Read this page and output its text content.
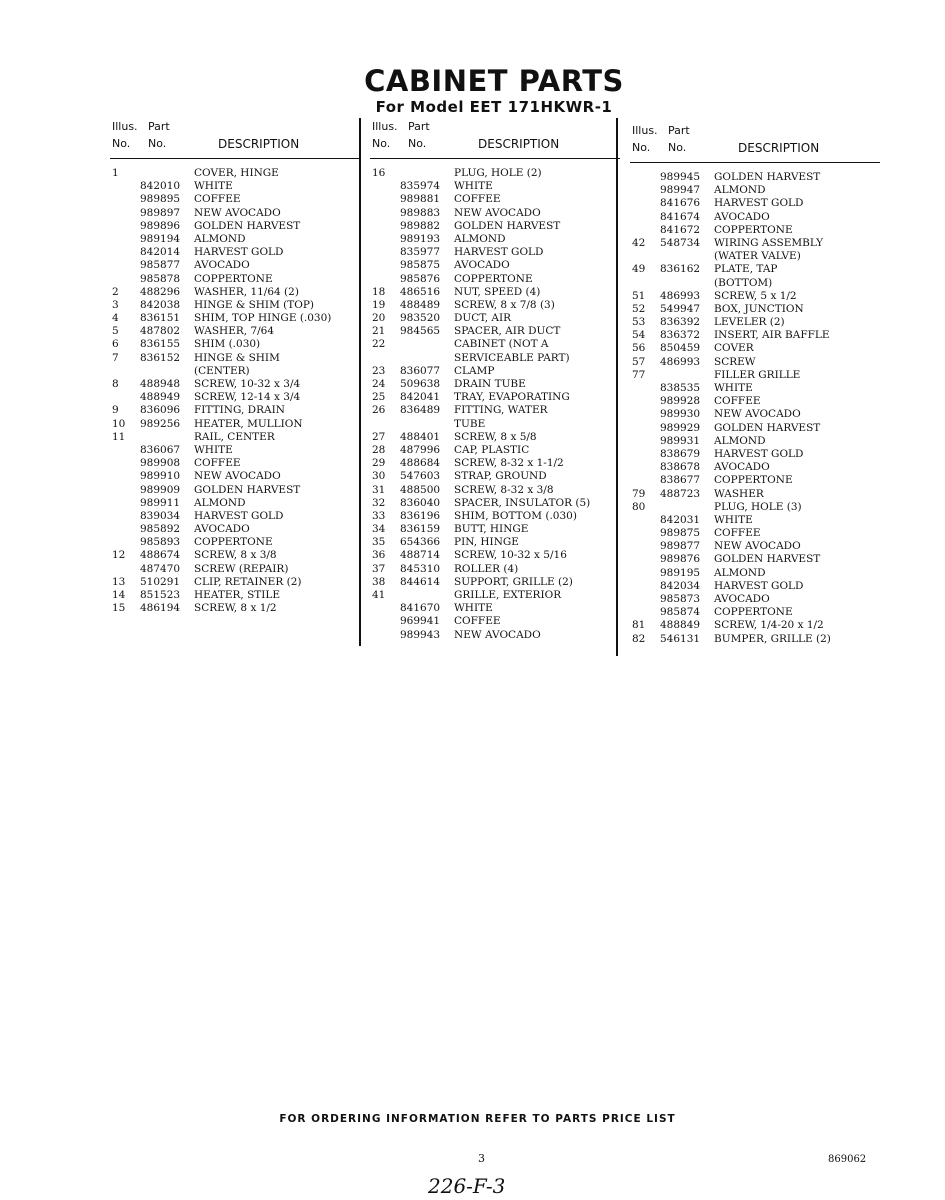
CABINET PARTS
For Model EET 171HKWR-1
Illus. Part
No. No.	DESCRIPTION
1	COVER, HINGE
842010 WHITE
989895 COFFEE
989897 NEW AVOCADO
989896 GOLDEN HARVEST
989194 ALMOND
842014 HARVEST GOLD
985877 AVOCADO
985878 COPPERTONE
2 488296 WASHER, 11/64 (2)
3 842038 HINGE & SHIM (TOP)
4 836151 SHIM, TOP HINGE (.030)
5 487802 WASHER, 7/64
6 836155 SHIM (.030)
7 836152 HINGE & SHIM
(CENTER)
8 488948 SCREW, 10-32 x 3/4
488949 SCREW, 12-14 x 3/4
9 836096 FITTING, DRAIN
10 989256 HEATER, MULLION
11	RAIL, CENTER
836067 WHITE
989908 COFFEE
989910 NEW AVOCADO
989909 GOLDEN HARVEST
989911 ALMOND
839034 HARVEST GOLD
985892 AVOCADO
985893 COPPERTONE
12 488674 SCREW, 8 x 3/8
487470 SCREW (REPAIR)
13 510291 CLIP, RETAINER (2)
14 851523 HEATER, STILE
15 486194 SCREW, 8 x 1/2
Illus. Part
No. No.	DESCRIPTION
16	PLUG, HOLE (2)
835974 WHITE
989881 COFFEE
989883 NEW AVOCADO
989882 GOLDEN HARVEST
989193 ALMOND
835977 HARVEST GOLD
985875 AVOCADO
985876 COPPERTONE
18 486516 NUT, SPEED (4)
19 488489 SCREW, 8 x 7/8 (3)
20 983520 DUCT, AIR
21 984565 SPACER, AIR DUCT
22	CABINET (NOT A
SERVICEABLE PART)
23 836077 CLAMP
24 509638 DRAIN TUBE
25 842041 TRAY, EVAPORATING
26 836489 FITTING, WATER
TUBE
27 488401 SCREW, 8 x 5/8
28 487996 CAP, PLASTIC
29 488684 SCREW, 8-32 x 1-1/2
30 547603 STRAP, GROUND
31 488500 SCREW, 8-32 x 3/8
32 836040 SPACER, INSULATOR (5)
33 836196 SHIM, BOTTOM (.030)
34 836159 BUTT, HINGE
35 654366 PIN, HINGE
36 488714 SCREW, 10-32 x 5/16
37 845310 ROLLER (4)
38 844614 SUPPORT, GRILLE (2)
41	GRILLE, EXTERIOR
841670 WHITE
969941 COFFEE
989943 NEW AVOCADO
Illus. Part
No. No.	DESCRIPTION
989945 GOLDEN HARVEST
989947 ALMOND
841676 HARVEST GOLD
841674 AVOCADO
841672 COPPERTONE
42 548734 WIRING ASSEMBLY
(WATER VALVE)
49 836162 PLATE, TAP
(BOTTOM)
51 486993 SCREW, 5 x 1/2
52 549947 BOX, JUNCTION
53 836392 LEVELER (2)
54 836372 INSERT, AIR BAFFLE
56 850459 COVER
57 486993 SCREW
77	FILLER GRILLE
838535 WHITE
989928 COFFEE
989930 NEW AVOCADO
989929 GOLDEN HARVEST
989931 ALMOND
838679 HARVEST GOLD
838678 AVOCADO
838677 COPPERTONE
79 488723 WASHER
80	PLUG, HOLE (3)
842031 WHITE
989875 COFFEE
989877 NEW AVOCADO
989876 GOLDEN HARVEST
989195 ALMOND
842034 HARVEST GOLD
985873 AVOCADO
985874 COPPERTONE
81 488849 SCREW, 1/4-20 x 1/2
82 546131 BUMPER, GRILLE (2)
FOR ORDERING INFORMATION REFER TO PARTS PRICE LIST
3	869062
226-F-3
